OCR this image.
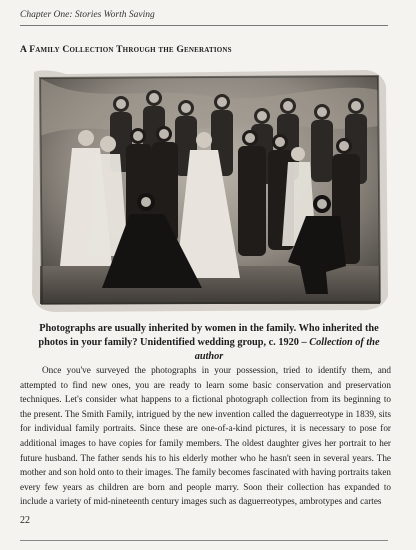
Chapter One: Stories Worth Saving
A Family Collection Through the Generations
Photographs are usually inherited by women in the family. Who inherited the photos in your family? Unidentified wedding group, c. 1920 – Collection of the author

Once you've surveyed the photographs in your possession, tried to identify them, and attempted to find new ones, you are ready to learn some basic conservation and preservation techniques. Let's consider what happens to a fictional photograph collection from its beginning to the present. The Smith Family, intrigued by the new invention called the daguerreotype in 1839, sits for individual family portraits. Since these are one-of-a-kind pictures, it is necessary to pose for additional images to have copies for family members. The oldest daughter gives her portrait to her future husband. The father sends his to his elderly mother who he hasn't seen in several years. The mother and son hold onto to their images. The family becomes fascinated with having portraits taken every few years as children are born and people marry. Soon their collection has expanded to include a variety of mid-nineteenth century images such as daguerreotypes, ambrotypes and cartes

22
